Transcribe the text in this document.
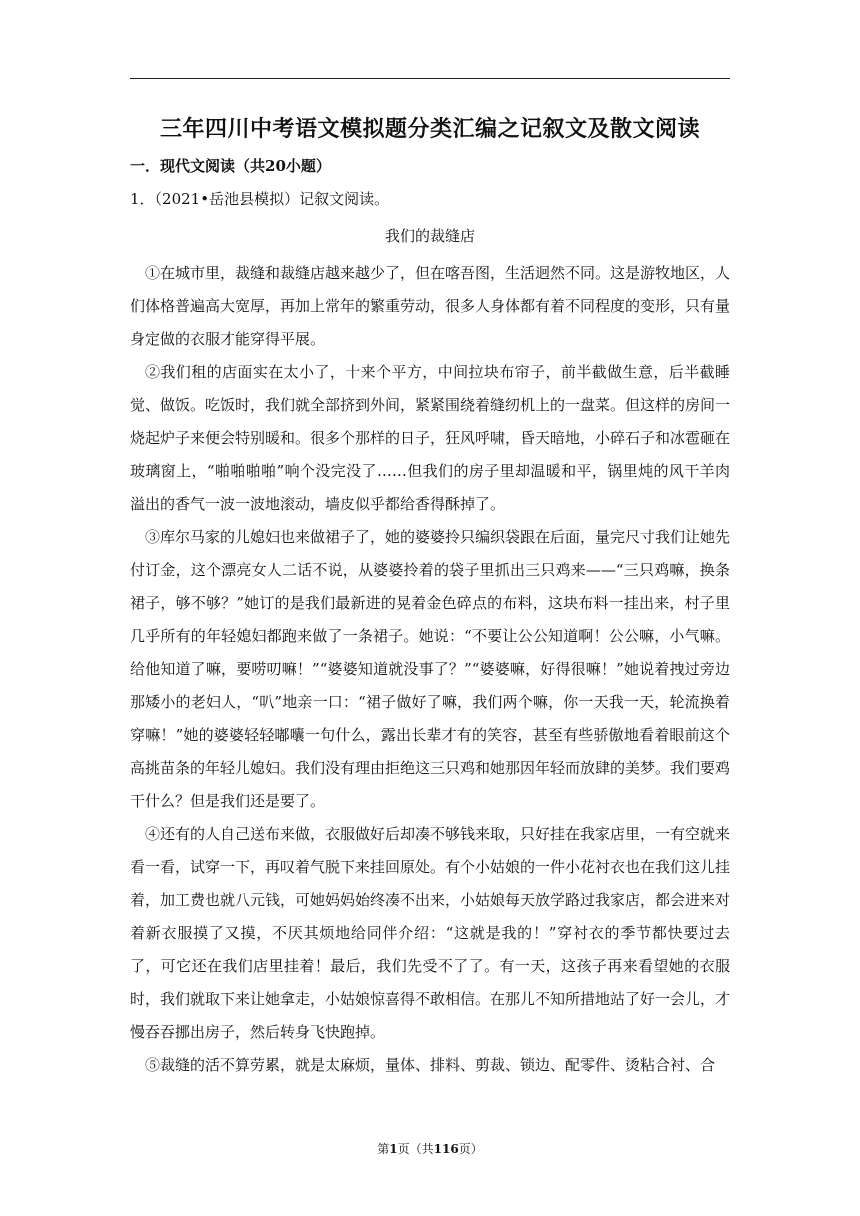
三年四川中考语文模拟题分类汇编之记叙文及散文阅读

一．现代文阅读（共20小题）

1．（2021•岳池县模拟）记叙文阅读。

我们的裁缝店

①在城市里，裁缝和裁缝店越来越少了，但在喀吾图，生活迥然不同。这是游牧地区，人们体格普遍高大宽厚，再加上常年的繁重劳动，很多人身体都有着不同程度的变形，只有量身定做的衣服才能穿得平展。

②我们租的店面实在太小了，十来个平方，中间拉块布帘子，前半截做生意，后半截睡觉、做饭。吃饭时，我们就全部挤到外间，紧紧围绕着缝纫机上的一盘菜。但这样的房间一烧起炉子来便会特别暖和。很多个那样的日子，狂风呼啸，昏天暗地，小碎石子和冰雹砸在玻璃窗上，“啪啪啪啪”响个没完没了……但我们的房子里却温暖和平，锅里炖的风干羊肉溢出的香气一波一波地滚动，墙皮似乎都给香得酥掉了。

③库尔马家的儿媳妇也来做裙子了，她的婆婆拎只编织袋跟在后面，量完尺寸我们让她先付订金，这个漂亮女人二话不说，从婆婆拎着的袋子里抓出三只鸡来——“三只鸡嘛，换条裙子，够不够？”她订的是我们最新进的晃着金色碎点的布料，这块布料一挂出来，村子里几乎所有的年轻媳妇都跑来做了一条裙子。她说：“不要让公公知道啊！公公嘛，小气嘛。给他知道了嘛，要唠叨嘛！”“婆婆知道就没事了？”“婆婆嘛，好得很嘛！”她说着拽过旁边那矮小的老妇人，“叭”地亲一口：“裙子做好了嘛，我们两个嘛，你一天我一天，轮流换着穿嘛！”她的婆婆轻轻嘟囔一句什么，露出长辈才有的笑容，甚至有些骄傲地看着眼前这个高挑苗条的年轻儿媳妇。我们没有理由拒绝这三只鸡和她那因年轻而放肆的美梦。我们要鸡干什么？但是我们还是要了。

④还有的人自己送布来做，衣服做好后却凑不够钱来取，只好挂在我家店里，一有空就来看一看，试穿一下，再叹着气脱下来挂回原处。有个小姑娘的一件小花衬衣也在我们这儿挂着，加工费也就八元钱，可她妈妈始终凑不出来，小姑娘每天放学路过我家店，都会进来对着新衣服摸了又摸，不厌其烦地给同伴介绍：“这就是我的！”穿衬衣的季节都快要过去了，可它还在我们店里挂着！最后，我们先受不了了。有一天，这孩子再来看望她的衣服时，我们就取下来让她拿走，小姑娘惊喜得不敢相信。在那儿不知所措地站了好一会儿，才慢吞吞挪出房子，然后转身飞快跑掉。

⑤裁缝的活不算劳累，就是太麻烦，量体、排料、剪裁、锁边、配零件、烫粘合衬、合

第1页（共116页）
